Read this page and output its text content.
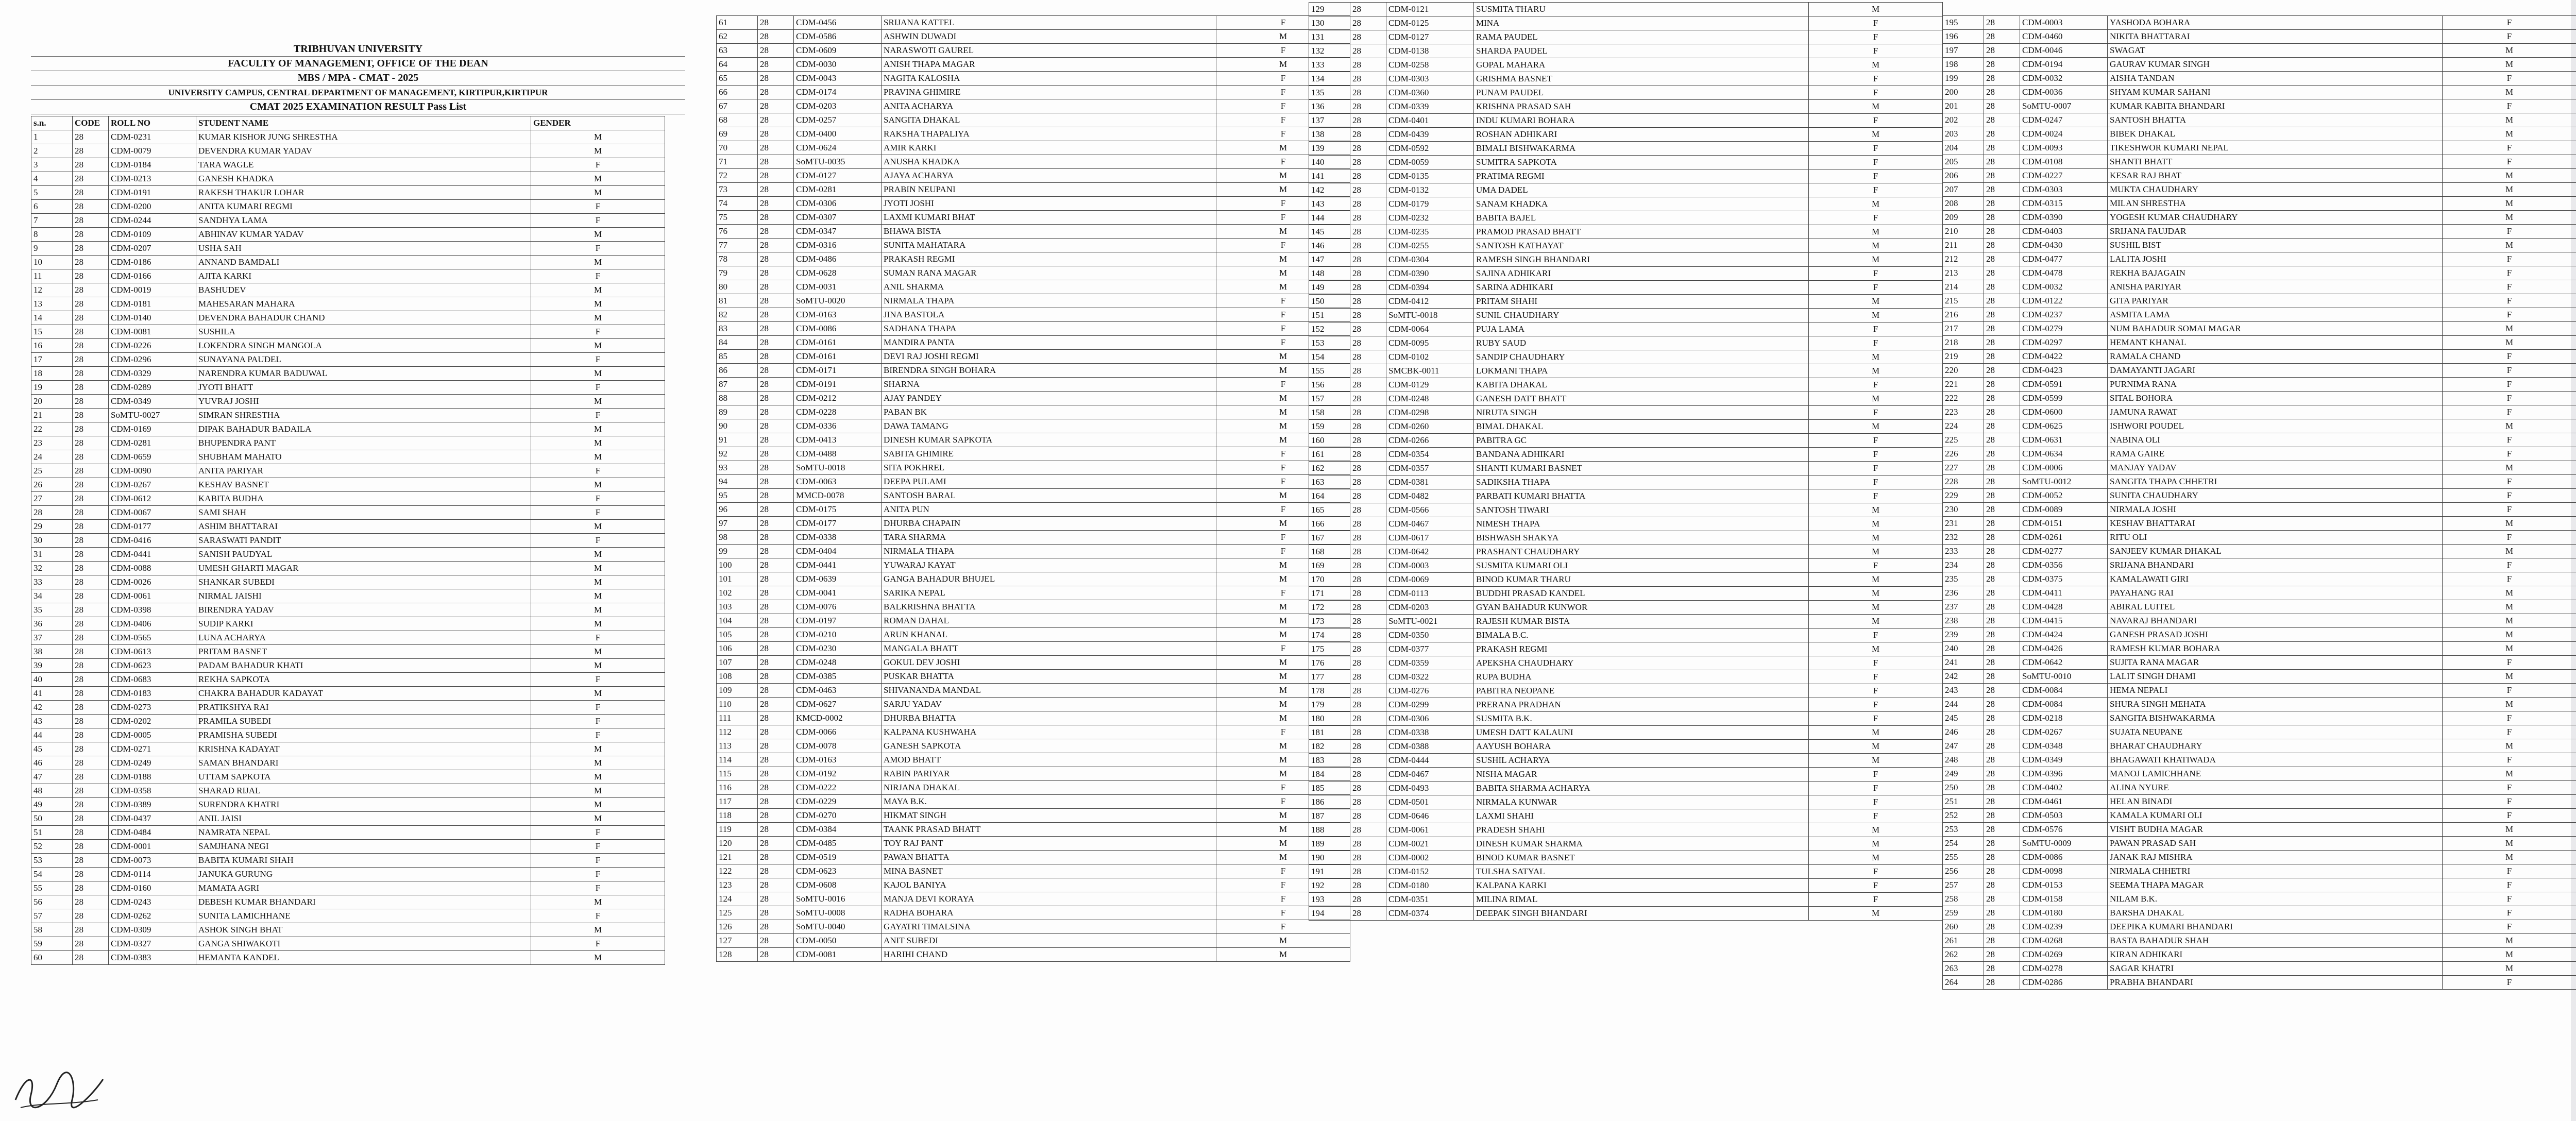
TRIBHUVAN UNIVERSITY
FACULTY OF MANAGEMENT, OFFICE OF THE DEAN
MBS / MPA - CMAT - 2025
UNIVERSITY CAMPUS, CENTRAL DEPARTMENT OF MANAGEMENT, KIRTIPUR,KIRTIPUR
CMAT 2025 EXAMINATION RESULT Pass List
s.n.	CODE	ROLL NO	STUDENT NAME	GENDER
1	28	CDM-0231	KUMAR KISHOR JUNG SHRESTHA	M
2	28	CDM-0079	DEVENDRA KUMAR YADAV	M
3	28	CDM-0184	TARA WAGLE	F
4	28	CDM-0213	GANESH KHADKA	M
5	28	CDM-0191	RAKESH THAKUR LOHAR	M
6	28	CDM-0200	ANITA KUMARI REGMI	F
7	28	CDM-0244	SANDHYA LAMA	F
8	28	CDM-0109	ABHINAV KUMAR YADAV	M
9	28	CDM-0207	USHA SAH	F
10	28	CDM-0186	ANNAND BAMDALI	M
11	28	CDM-0166	AJITA KARKI	F
12	28	CDM-0019	BASHUDEV	M
13	28	CDM-0181	MAHESARAN MAHARA	M
14	28	CDM-0140	DEVENDRA BAHADUR CHAND	M
15	28	CDM-0081	SUSHILA	F
16	28	CDM-0226	LOKENDRA SINGH MANGOLA	M
17	28	CDM-0296	SUNAYANA PAUDEL	F
18	28	CDM-0329	NARENDRA KUMAR BADUWAL	M
19	28	CDM-0289	JYOTI BHATT	F
20	28	CDM-0349	YUVRAJ JOSHI	M
21	28	SoMTU-0027	SIMRAN SHRESTHA	F
22	28	CDM-0169	DIPAK BAHADUR BADAILA	M
23	28	CDM-0281	BHUPENDRA PANT	M
24	28	CDM-0659	SHUBHAM MAHATO	M
25	28	CDM-0090	ANITA PARIYAR	F
26	28	CDM-0267	KESHAV BASNET	M
27	28	CDM-0612	KABITA BUDHA	F
28	28	CDM-0067	SAMI SHAH	F
29	28	CDM-0177	ASHIM BHATTARAI	M
30	28	CDM-0416	SARASWATI PANDIT	F
31	28	CDM-0441	SANISH PAUDYAL	M
32	28	CDM-0088	UMESH GHARTI MAGAR	M
33	28	CDM-0026	SHANKAR SUBEDI	M
34	28	CDM-0061	NIRMAL JAISHI	M
35	28	CDM-0398	BIRENDRA YADAV	M
36	28	CDM-0406	SUDIP KARKI	M
37	28	CDM-0565	LUNA ACHARYA	F
38	28	CDM-0613	PRITAM BASNET	M
39	28	CDM-0623	PADAM BAHADUR KHATI	M
40	28	CDM-0683	REKHA SAPKOTA	F
41	28	CDM-0183	CHAKRA BAHADUR KADAYAT	M
42	28	CDM-0273	PRATIKSHYA RAI	F
43	28	CDM-0202	PRAMILA SUBEDI	F
44	28	CDM-0005	PRAMISHA SUBEDI	F
45	28	CDM-0271	KRISHNA KADAYAT	M
46	28	CDM-0249	SAMAN BHANDARI	M
47	28	CDM-0188	UTTAM SAPKOTA	M
48	28	CDM-0358	SHARAD RIJAL	M
49	28	CDM-0389	SURENDRA KHATRI	M
50	28	CDM-0437	ANIL JAISI	M
51	28	CDM-0484	NAMRATA NEPAL	F
52	28	CDM-0001	SAMJHANA NEGI	F
53	28	CDM-0073	BABITA KUMARI SHAH	F
54	28	CDM-0114	JANUKA GURUNG	F
55	28	CDM-0160	MAMATA AGRI	F
56	28	CDM-0243	DEBESH KUMAR BHANDARI	M
57	28	CDM-0262	SUNITA LAMICHHANE	F
58	28	CDM-0309	ASHOK SINGH BHAT	M
59	28	CDM-0327	GANGA SHIWAKOTI	F
60	28	CDM-0383	HEMANTA KANDEL	M
61	28	CDM-0456	SRIJANA KATTEL	F
62	28	CDM-0586	ASHWIN DUWADI	M
63	28	CDM-0609	NARASWOTI GAUREL	F
64	28	CDM-0030	ANISH THAPA MAGAR	M
65	28	CDM-0043	NAGITA KALOSHA	F
66	28	CDM-0174	PRAVINA GHIMIRE	F
67	28	CDM-0203	ANITA ACHARYA	F
68	28	CDM-0257	SANGITA DHAKAL	F
69	28	CDM-0400	RAKSHA THAPALIYA	F
70	28	CDM-0624	AMIR KARKI	M
71	28	SoMTU-0035	ANUSHA KHADKA	F
72	28	CDM-0127	AJAYA ACHARYA	M
73	28	CDM-0281	PRABIN NEUPANI	M
74	28	CDM-0306	JYOTI JOSHI	F
75	28	CDM-0307	LAXMI KUMARI BHAT	F
76	28	CDM-0347	BHAWA BISTA	M
77	28	CDM-0316	SUNITA MAHATARA	F
78	28	CDM-0486	PRAKASH REGMI	M
79	28	CDM-0628	SUMAN RANA MAGAR	M
80	28	CDM-0031	ANIL SHARMA	M
81	28	SoMTU-0020	NIRMALA THAPA	F
82	28	CDM-0163	JINA BASTOLA	F
83	28	CDM-0086	SADHANA THAPA	F
84	28	CDM-0161	MANDIRA PANTA	F
85	28	CDM-0161	DEVI RAJ JOSHI REGMI	M
86	28	CDM-0171	BIRENDRA SINGH BOHARA	M
87	28	CDM-0191	SHARNA	F
88	28	CDM-0212	AJAY PANDEY	M
89	28	CDM-0228	PABAN BK	M
90	28	CDM-0336	DAWA TAMANG	M
91	28	CDM-0413	DINESH KUMAR SAPKOTA	M
92	28	CDM-0488	SABITA GHIMIRE	F
93	28	SoMTU-0018	SITA POKHREL	F
94	28	CDM-0063	DEEPA PULAMI	F
95	28	MMCD-0078	SANTOSH BARAL	M
96	28	CDM-0175	ANITA PUN	F
97	28	CDM-0177	DHURBA CHAPAIN	M
98	28	CDM-0338	TARA SHARMA	F
99	28	CDM-0404	NIRMALA THAPA	F
100	28	CDM-0441	YUWARAJ KAYAT	M
101	28	CDM-0639	GANGA BAHADUR BHUJEL	M
102	28	CDM-0041	SARIKA NEPAL	F
103	28	CDM-0076	BALKRISHNA BHATTA	M
104	28	CDM-0197	ROMAN DAHAL	M
105	28	CDM-0210	ARUN KHANAL	M
106	28	CDM-0230	MANGALA BHATT	F
107	28	CDM-0248	GOKUL DEV JOSHI	M
108	28	CDM-0385	PUSKAR BHATTA	M
109	28	CDM-0463	SHIVANANDA MANDAL	M
110	28	CDM-0627	SARJU YADAV	M
111	28	KMCD-0002	DHURBA BHATTA	M
112	28	CDM-0066	KALPANA KUSHWAHA	F
113	28	CDM-0078	GANESH SAPKOTA	M
114	28	CDM-0163	AMOD BHATT	M
115	28	CDM-0192	RABIN PARIYAR	M
116	28	CDM-0222	NIRJANA DHAKAL	F
117	28	CDM-0229	MAYA B.K.	F
118	28	CDM-0270	HIKMAT SINGH	M
119	28	CDM-0384	TAANK PRASAD BHATT	M
120	28	CDM-0485	TOY RAJ PANT	M
121	28	CDM-0519	PAWAN BHATTA	M
122	28	CDM-0623	MINA BASNET	F
123	28	CDM-0608	KAJOL BANIYA	F
124	28	SoMTU-0016	MANJA DEVI KORAYA	F
125	28	SoMTU-0008	RADHA BOHARA	F
126	28	SoMTU-0040	GAYATRI TIMALSINA	F
127	28	CDM-0050	ANIT SUBEDI	M
128	28	CDM-0081	HARIHI CHAND	M
129	28	CDM-0121	SUSMITA THARU	M
130	28	CDM-0125	MINA	F
131	28	CDM-0127	RAMA PAUDEL	F
132	28	CDM-0138	SHARDA PAUDEL	F
133	28	CDM-0258	GOPAL MAHARA	M
134	28	CDM-0303	GRISHMA BASNET	F
135	28	CDM-0360	PUNAM PAUDEL	F
136	28	CDM-0339	KRISHNA PRASAD SAH	M
137	28	CDM-0401	INDU KUMARI BOHARA	F
138	28	CDM-0439	ROSHAN ADHIKARI	M
139	28	CDM-0592	BIMALI BISHWAKARMA	F
140	28	CDM-0059	SUMITRA SAPKOTA	F
141	28	CDM-0135	PRATIMA REGMI	F
142	28	CDM-0132	UMA DADEL	F
143	28	CDM-0179	SANAM KHADKA	M
144	28	CDM-0232	BABITA BAJEL	F
145	28	CDM-0235	PRAMOD PRASAD BHATT	M
146	28	CDM-0255	SANTOSH KATHAYAT	M
147	28	CDM-0304	RAMESH SINGH BHANDARI	M
148	28	CDM-0390	SAJINA ADHIKARI	F
149	28	CDM-0394	SARINA ADHIKARI	F
150	28	CDM-0412	PRITAM SHAHI	M
151	28	SoMTU-0018	SUNIL CHAUDHARY	M
152	28	CDM-0064	PUJA LAMA	F
153	28	CDM-0095	RUBY SAUD	F
154	28	CDM-0102	SANDIP CHAUDHARY	M
155	28	SMCBK-0011	LOKMANI THAPA	M
156	28	CDM-0129	KABITA DHAKAL	F
157	28	CDM-0248	GANESH DATT BHATT	M
158	28	CDM-0298	NIRUTA SINGH	F
159	28	CDM-0260	BIMAL DHAKAL	M
160	28	CDM-0266	PABITRA GC	F
161	28	CDM-0354	BANDANA ADHIKARI	F
162	28	CDM-0357	SHANTI KUMARI BASNET	F
163	28	CDM-0381	SADIKSHA THAPA	F
164	28	CDM-0482	PARBATI KUMARI BHATTA	F
165	28	CDM-0566	SANTOSH TIWARI	M
166	28	CDM-0467	NIMESH THAPA	M
167	28	CDM-0617	BISHWASH SHAKYA	M
168	28	CDM-0642	PRASHANT CHAUDHARY	M
169	28	CDM-0003	SUSMITA KUMARI OLI	F
170	28	CDM-0069	BINOD KUMAR THARU	M
171	28	CDM-0113	BUDDHI PRASAD KANDEL	M
172	28	CDM-0203	GYAN BAHADUR KUNWOR	M
173	28	SoMTU-0021	RAJESH KUMAR BISTA	M
174	28	CDM-0350	BIMALA B.C.	F
175	28	CDM-0377	PRAKASH REGMI	M
176	28	CDM-0359	APEKSHA CHAUDHARY	F
177	28	CDM-0322	RUPA BUDHA	F
178	28	CDM-0276	PABITRA NEOPANE	F
179	28	CDM-0299	PRERANA PRADHAN	F
180	28	CDM-0306	SUSMITA B.K.	F
181	28	CDM-0338	UMESH DATT KALAUNI	M
182	28	CDM-0388	AAYUSH BOHARA	M
183	28	CDM-0444	SUSHIL ACHARYA	M
184	28	CDM-0467	NISHA MAGAR	F
185	28	CDM-0493	BABITA SHARMA ACHARYA	F
186	28	CDM-0501	NIRMALA KUNWAR	F
187	28	CDM-0646	LAXMI SHAHI	F
188	28	CDM-0061	PRADESH SHAHI	M
189	28	CDM-0021	DINESH KUMAR SHARMA	M
190	28	CDM-0002	BINOD KUMAR BASNET	M
191	28	CDM-0152	TULSHA SATYAL	F
192	28	CDM-0180	KALPANA KARKI	F
193	28	CDM-0351	MILINA RIMAL	F
194	28	CDM-0374	DEEPAK SINGH BHANDARI	M
195	28	CDM-0003	YASHODA BOHARA	F
196	28	CDM-0460	NIKITA BHATTARAI	F
197	28	CDM-0046	SWAGAT	M
198	28	CDM-0194	GAURAV KUMAR SINGH	M
199	28	CDM-0032	AISHA TANDAN	F
200	28	CDM-0036	SHYAM KUMAR SAHANI	M
201	28	SoMTU-0007	KUMAR KABITA BHANDARI	F
202	28	CDM-0247	SANTOSH BHATTA	M
203	28	CDM-0024	BIBEK DHAKAL	M
204	28	CDM-0093	TIKESHWOR KUMARI NEPAL	F
205	28	CDM-0108	SHANTI BHATT	F
206	28	CDM-0227	KESAR RAJ BHAT	M
207	28	CDM-0303	MUKTA CHAUDHARY	M
208	28	CDM-0315	MILAN SHRESTHA	M
209	28	CDM-0390	YOGESH KUMAR CHAUDHARY	M
210	28	CDM-0403	SRIJANA FAUJDAR	F
211	28	CDM-0430	SUSHIL BIST	M
212	28	CDM-0477	LALITA JOSHI	F
213	28	CDM-0478	REKHA BAJAGAIN	F
214	28	CDM-0032	ANISHA PARIYAR	F
215	28	CDM-0122	GITA PARIYAR	F
216	28	CDM-0237	ASMITA LAMA	F
217	28	CDM-0279	NUM BAHADUR SOMAI MAGAR	M
218	28	CDM-0297	HEMANT KHANAL	M
219	28	CDM-0422	RAMALA CHAND	F
220	28	CDM-0423	DAMAYANTI JAGARI	F
221	28	CDM-0591	PURNIMA RANA	F
222	28	CDM-0599	SITAL BOHORA	F
223	28	CDM-0600	JAMUNA RAWAT	F
224	28	CDM-0625	ISHWORI POUDEL	M
225	28	CDM-0631	NABINA OLI	F
226	28	CDM-0634	RAMA GAIRE	F
227	28	CDM-0006	MANJAY YADAV	M
228	28	SoMTU-0012	SANGITA THAPA CHHETRI	F
229	28	CDM-0052	SUNITA CHAUDHARY	F
230	28	CDM-0089	NIRMALA JOSHI	F
231	28	CDM-0151	KESHAV BHATTARAI	M
232	28	CDM-0261	RITU OLI	F
233	28	CDM-0277	SANJEEV KUMAR DHAKAL	M
234	28	CDM-0356	SRIJANA BHANDARI	F
235	28	CDM-0375	KAMALAWATI GIRI	F
236	28	CDM-0411	PAYAHANG RAI	M
237	28	CDM-0428	ABIRAL LUITEL	M
238	28	CDM-0415	NAVARAJ BHANDARI	M
239	28	CDM-0424	GANESH PRASAD JOSHI	M
240	28	CDM-0426	RAMESH KUMAR BOHARA	M
241	28	CDM-0642	SUJITA RANA MAGAR	F
242	28	SoMTU-0010	LALIT SINGH DHAMI	M
243	28	CDM-0084	HEMA NEPALI	F
244	28	CDM-0084	SHURA SINGH MEHATA	M
245	28	CDM-0218	SANGITA BISHWAKARMA	F
246	28	CDM-0267	SUJATA NEUPANE	F
247	28	CDM-0348	BHARAT CHAUDHARY	M
248	28	CDM-0349	BHAGAWATI KHATIWADA	F
249	28	CDM-0396	MANOJ LAMICHHANE	M
250	28	CDM-0402	ALINA NYURE	F
251	28	CDM-0461	HELAN BINADI	F
252	28	CDM-0503	KAMALA KUMARI OLI	F
253	28	CDM-0576	VISHT BUDHA MAGAR	M
254	28	SoMTU-0009	PAWAN PRASAD SAH	M
255	28	CDM-0086	JANAK RAJ MISHRA	M
256	28	CDM-0098	NIRMALA CHHETRI	F
257	28	CDM-0153	SEEMA THAPA MAGAR	F
258	28	CDM-0158	NILAM B.K.	F
259	28	CDM-0180	BARSHA DHAKAL	F
260	28	CDM-0239	DEEPIKA KUMARI BHANDARI	F
261	28	CDM-0268	BASTA BAHADUR SHAH	M
262	28	CDM-0269	KIRAN ADHIKARI	M
263	28	CDM-0278	SAGAR KHATRI	M
264	28	CDM-0286	PRABHA BHANDARI	F
